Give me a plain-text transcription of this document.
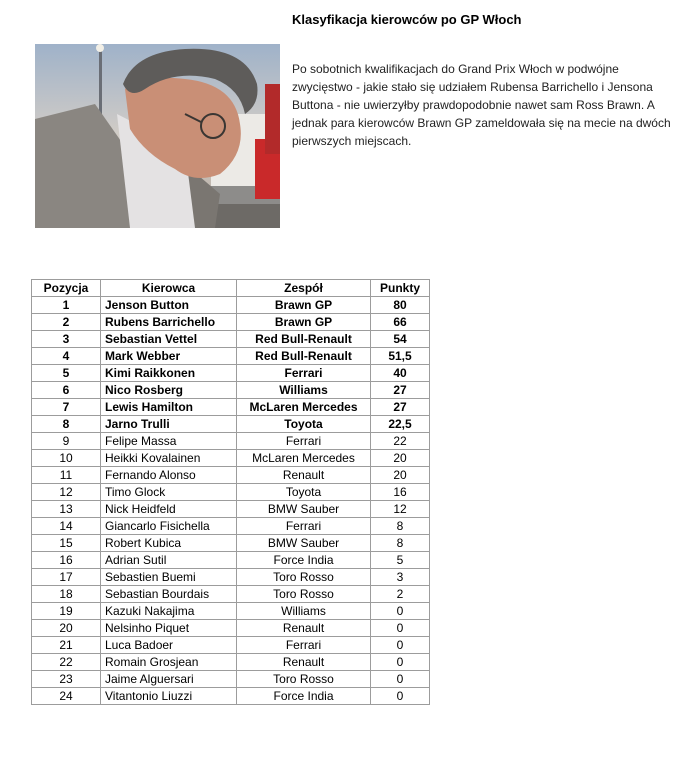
Klasyfikacja kierowców po GP Włoch
Po sobotnich kwalifikacjach do Grand Prix Włoch w podwójne zwycięstwo - jakie stało się udziałem Rubensa Barrichello i Jensona Buttona - nie uwierzyłby prawdopodobnie nawet sam Ross Brawn. A jednak para kierowców Brawn GP zameldowała się na mecie na dwóch pierwszych miejscach.
Pozycja	Kierowca	Zespół	Punkty
1	Jenson Button	Brawn GP	80
2	Rubens Barrichello	Brawn GP	66
3	Sebastian Vettel	Red Bull-Renault	54
4	Mark Webber	Red Bull-Renault	51,5
5	Kimi Raikkonen	Ferrari	40
6	Nico Rosberg	Williams	27
7	Lewis Hamilton	McLaren Mercedes	27
8	Jarno Trulli	Toyota	22,5
9	Felipe Massa	Ferrari	22
10	Heikki Kovalainen	McLaren Mercedes	20
11	Fernando Alonso	Renault	20
12	Timo Glock	Toyota	16
13	Nick Heidfeld	BMW Sauber	12
14	Giancarlo Fisichella	Ferrari	8
15	Robert Kubica	BMW Sauber	8
16	Adrian Sutil	Force India	5
17	Sebastien Buemi	Toro Rosso	3
18	Sebastian Bourdais	Toro Rosso	2
19	Kazuki Nakajima	Williams	0
20	Nelsinho Piquet	Renault	0
21	Luca Badoer	Ferrari	0
22	Romain Grosjean	Renault	0
23	Jaime Alguersari	Toro Rosso	0
24	Vitantonio Liuzzi	Force India	0
